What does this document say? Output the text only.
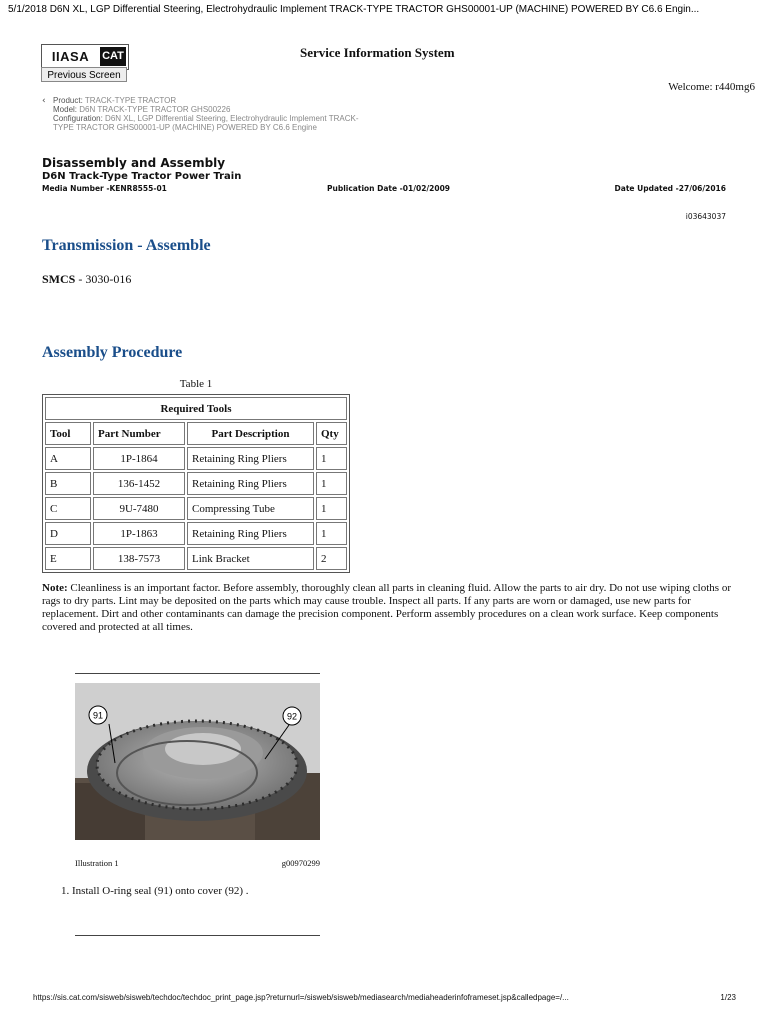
5/1/2018 D6N XL, LGP Differential Steering, Electrohydraulic Implement TRACK-TYPE TRACTOR GHS00001-UP (MACHINE) POWERED BY C6.6 Engin...
IIASA	CAT
Previous Screen
Service Information System
Welcome: r440mg6
‹ Product: TRACK-TYPE TRACTOR
Model: D6N TRACK-TYPE TRACTOR GHS00226
Configuration: D6N XL, LGP Differential Steering, Electrohydraulic Implement TRACK-TYPE TRACTOR GHS00001-UP (MACHINE) POWERED BY C6.6 Engine
Disassembly and Assembly
D6N Track-Type Tractor Power Train
Media Number -KENR8555-01	Publication Date -01/02/2009	Date Updated -27/06/2016
i03643037
Transmission - Assemble
SMCS - 3030-016
Assembly Procedure
Table 1
Required Tools			
Tool	Part Number	Part Description	Qty
A	1P-1864	Retaining Ring Pliers	1
B	136-1452	Retaining Ring Pliers	1
C	9U-7480	Compressing Tube	1
D	1P-1863	Retaining Ring Pliers	1
E	138-7573	Link Bracket	2
Note: Cleanliness is an important factor. Before assembly, thoroughly clean all parts in cleaning fluid. Allow the parts to air dry. Do not use wiping cloths or rags to dry parts. Lint may be deposited on the parts which may cause trouble. Inspect all parts. If any parts are worn or damaged, use new parts for replacement. Dirt and other contaminants can damage the precision component. Perform assembly procedures on a clean work surface. Keep components covered and protected at all times.
91	92
Illustration 1	g00970299
1. Install O-ring seal (91) onto cover (92) .
https://sis.cat.com/sisweb/sisweb/techdoc/techdoc_print_page.jsp?returnurl=/sisweb/sisweb/mediasearch/mediaheaderinfoframeset.jsp&calledpage=/...	1/23
